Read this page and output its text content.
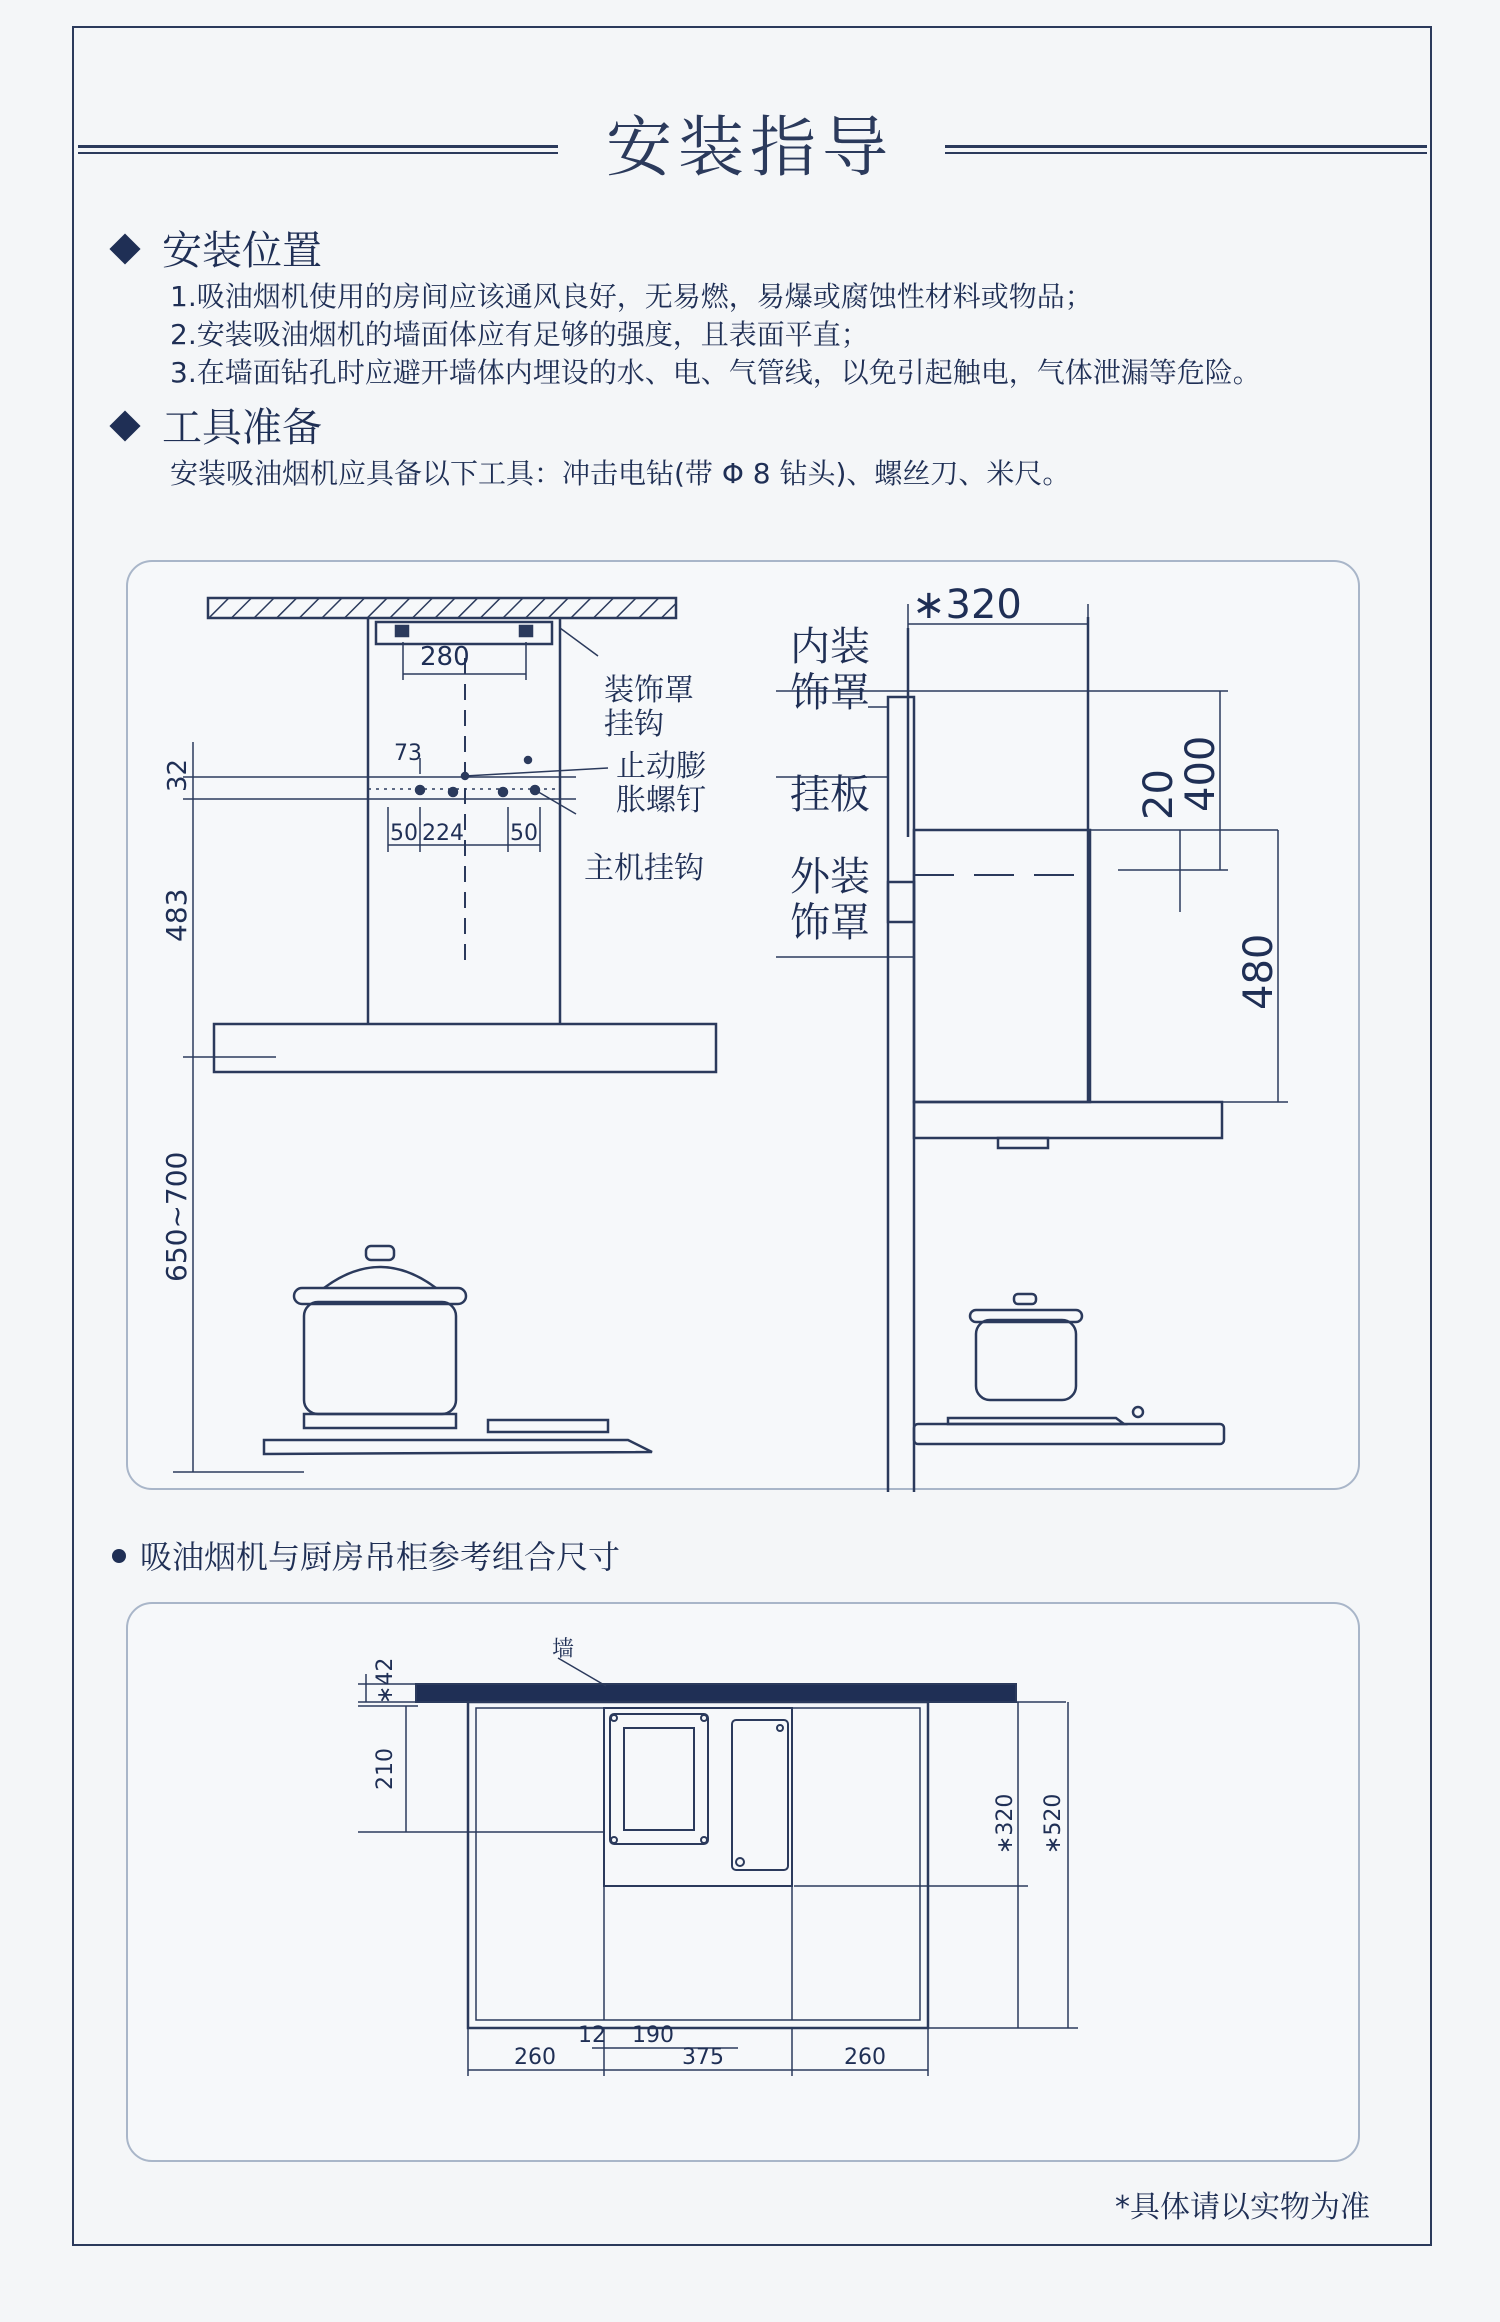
安装指导
安装位置
1.吸油烟机使用的房间应该通风良好，无易燃，易爆或腐蚀性材料或物品；
2.安装吸油烟机的墙面体应有足够的强度，且表面平直；
3.在墙面钻孔时应避开墙体内埋设的水、电、气管线，以免引起触电，气体泄漏等危险。
工具准备
安装吸油烟机应具备以下工具：冲击电钻(带 Φ 8 钻头)、螺丝刀、米尺。
280
装饰罩
挂钩
73	止动膨
胀螺钉
50 224 50
主机挂钩
32
483
650~700
∗320
内装
饰罩
挂板
外装
饰罩
20
400
480
吸油烟机与厨房吊柜参考组合尺寸
墙
∗42
210
∗320 ∗520
12 190
260	375	260
*具体请以实物为准
